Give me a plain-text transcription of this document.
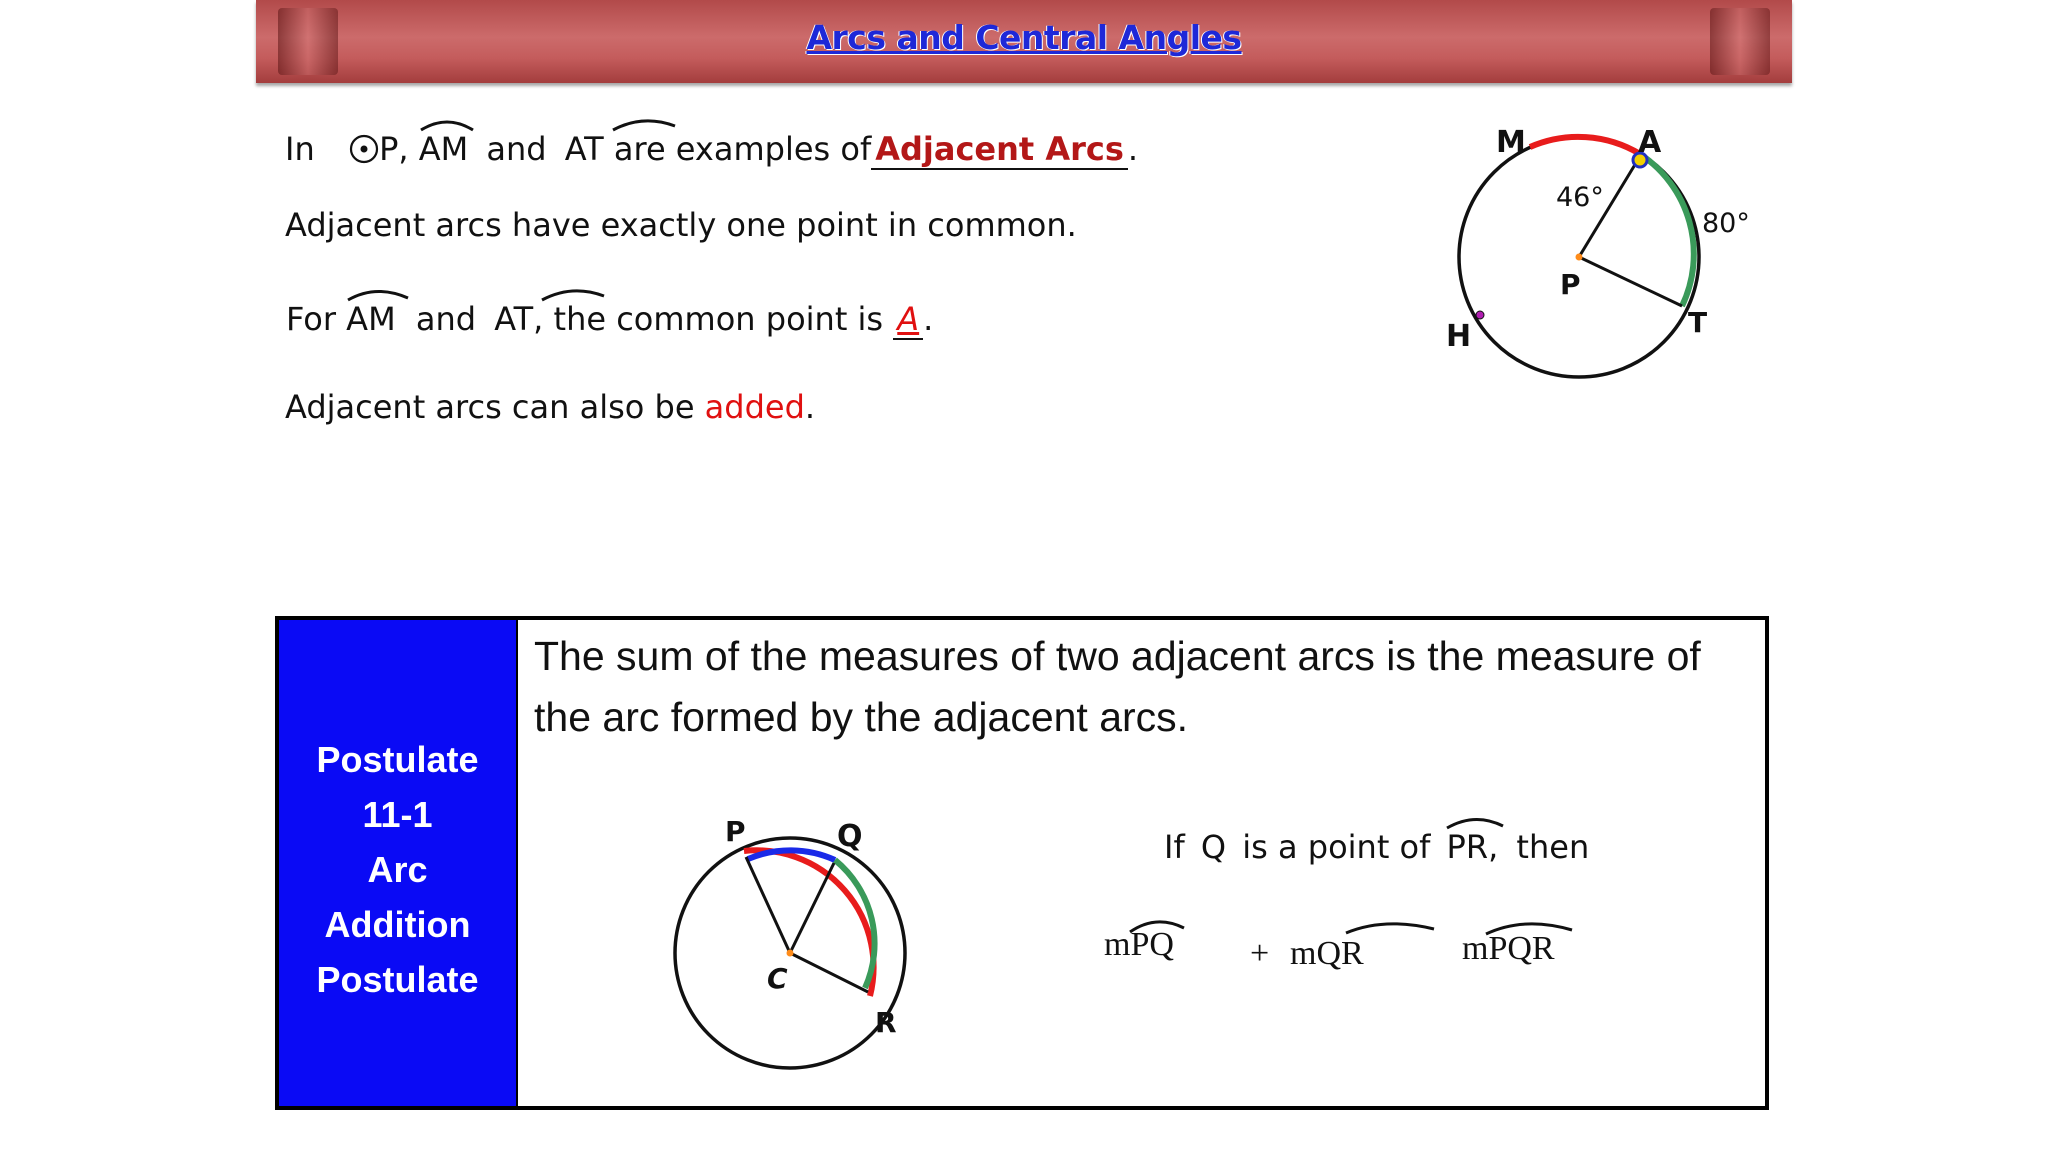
Arcs and Central Angles
In P, AM and AT are examples of Adjacent Arcs .
Adjacent arcs have exactly one point in common.
For AM and AT, the common point is A .
Adjacent arcs can also be added.
M	A
P
T
H
46°
80°
Postulate
11-1
Arc
Addition
Postulate
The sum of the measures of two adjacent arcs is the measure of the arc formed by the adjacent arcs.
P	Q
C
R
If Q is a point of PR, then
mPQ + mQR	mPQR
